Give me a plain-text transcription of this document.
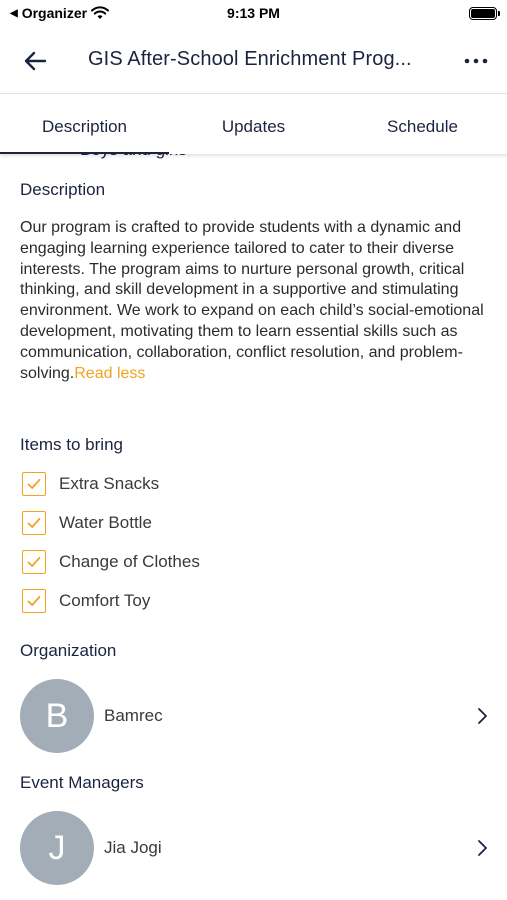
◀ Organizer	9:13 PM
GIS After-School Enrichment Prog...
Description	Updates	Schedule
Description
Our program is crafted to provide students with a dynamic and engaging learning experience tailored to cater to their diverse interests. The program aims to nurture personal growth, critical thinking, and skill development in a supportive and stimulating environment. We work to expand on each child’s social-emotional development, motivating them to learn essential skills such as communication, collaboration, conflict resolution, and problem-solving.Read less
Items to bring
Extra Snacks
Water Bottle
Change of Clothes
Comfort Toy
Organization
B	Bamrec
Event Managers
J	Jia Jogi
